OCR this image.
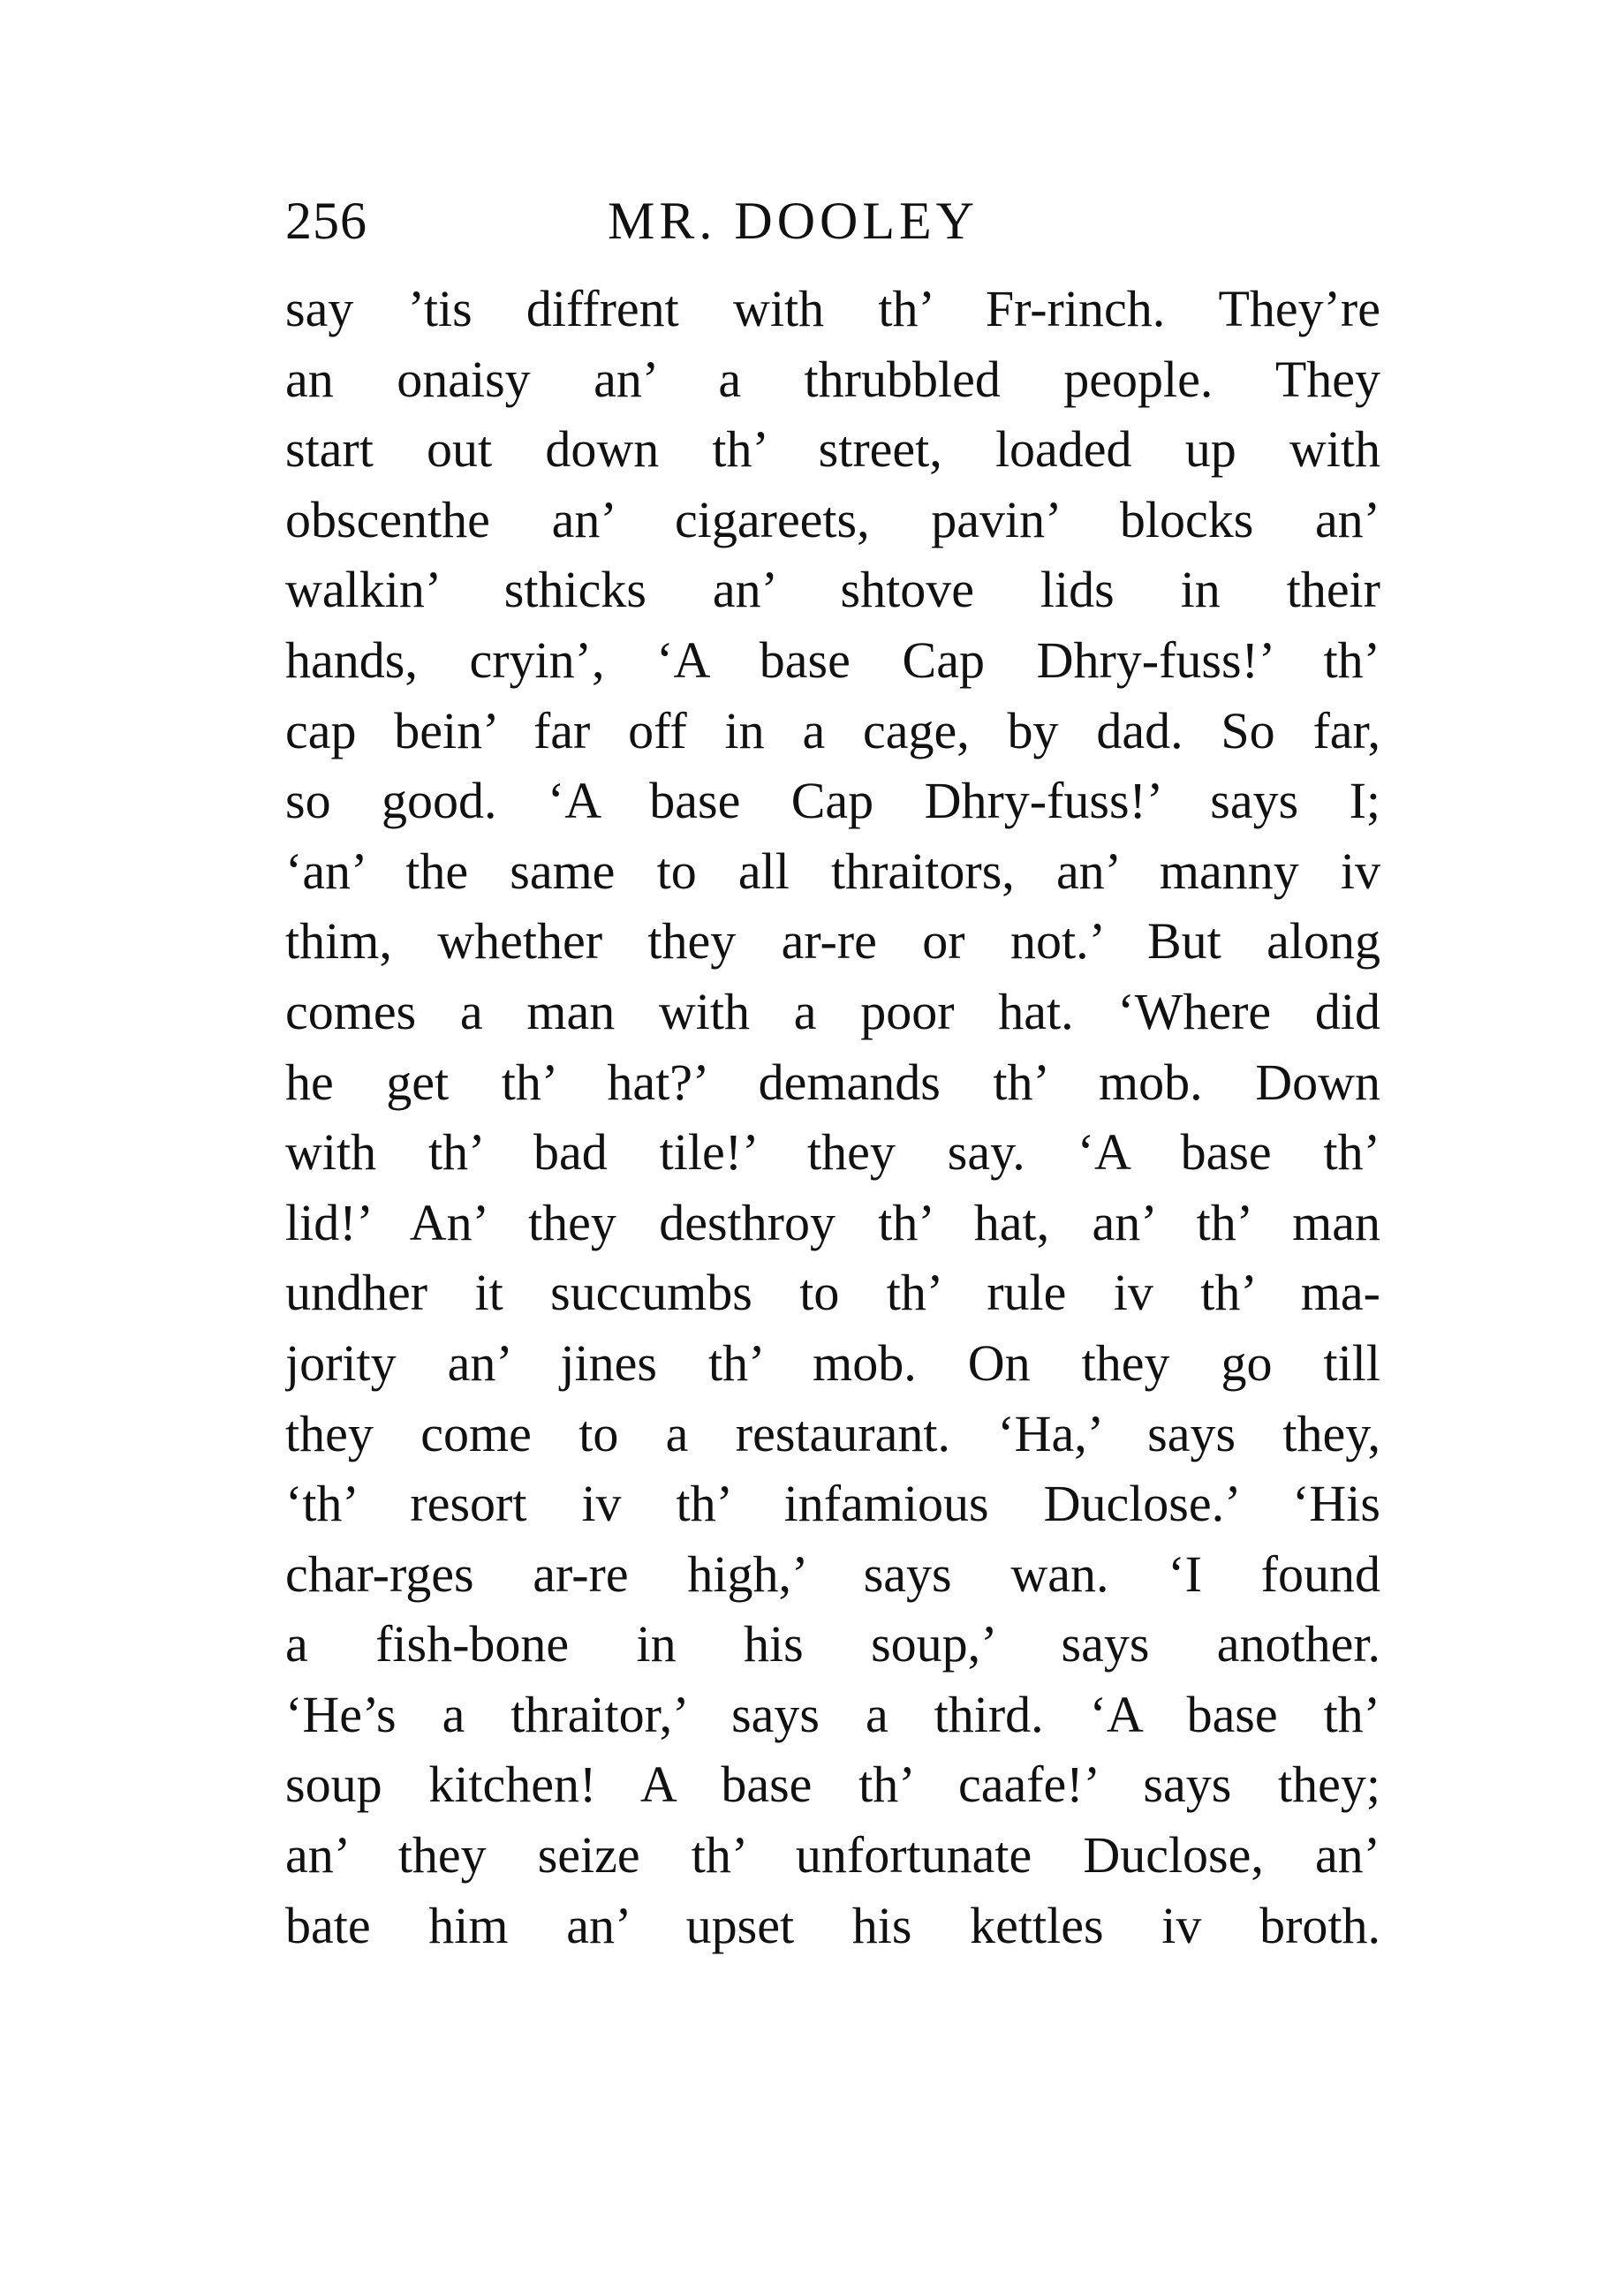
256	MR. DOOLEY
say ’tis diffrent with th’ Fr-rinch. They’re
an onaisy an’ a thrubbled people. They
start out down th’ street, loaded up with
obscenthe an’ cigareets, pavin’ blocks an’
walkin’ sthicks an’ shtove lids in their
hands, cryin’, ‘A base Cap Dhry-fuss!’ th’
cap bein’ far off in a cage, by dad. So far,
so good. ‘A base Cap Dhry-fuss!’ says I;
‘an’ the same to all thraitors, an’ manny iv
thim, whether they ar-re or not.’ But along
comes a man with a poor hat. ‘Where did
he get th’ hat?’ demands th’ mob. Down
with th’ bad tile!’ they say. ‘A base th’
lid!’ An’ they desthroy th’ hat, an’ th’ man
undher it succumbs to th’ rule iv th’ ma-
jority an’ jines th’ mob. On they go till
they come to a restaurant. ‘Ha,’ says they,
‘th’ resort iv th’ infamious Duclose.’ ‘His
char-rges ar-re high,’ says wan. ‘I found
a fish-bone in his soup,’ says another.
‘He’s a thraitor,’ says a third. ‘A base th’
soup kitchen! A base th’ caafe!’ says they;
an’ they seize th’ unfortunate Duclose, an’
bate him an’ upset his kettles iv broth.
